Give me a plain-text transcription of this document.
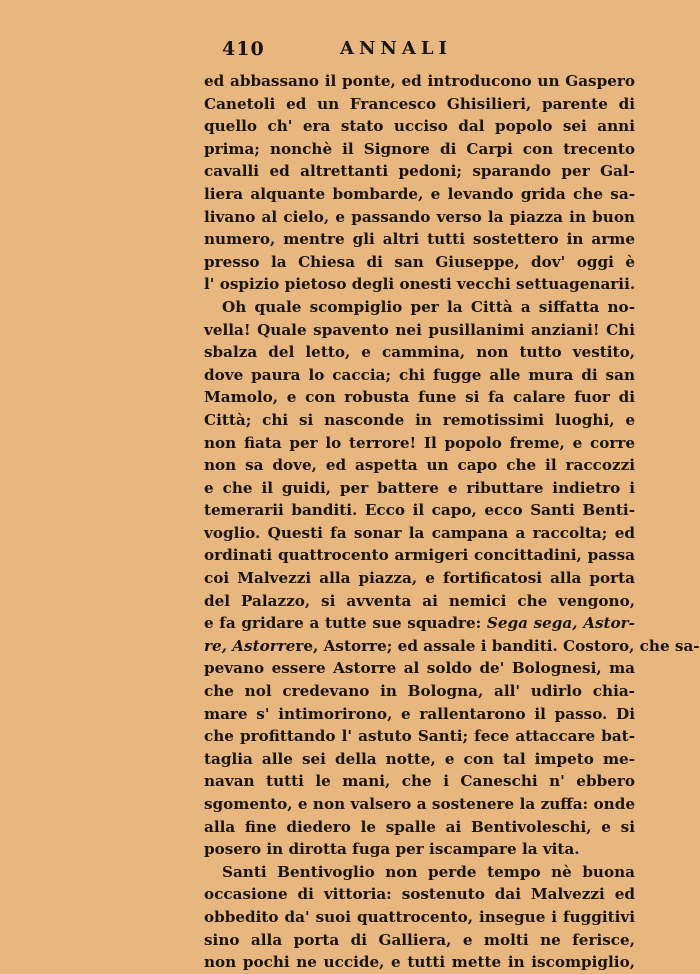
410	ANNALI
ed abbassano il ponte, ed introducono un Gaspero
Canetoli ed un Francesco Ghisilieri, parente di
quello ch' era stato ucciso dal popolo sei anni
prima; nonchè il Signore di Carpi con trecento
cavalli ed altrettanti pedoni; sparando per Gal-
liera alquante bombarde, e levando grida che sa-
livano al cielo, e passando verso la piazza in buon
numero, mentre gli altri tutti sostettero in arme
presso la Chiesa di san Giuseppe, dov' oggi è
l' ospizio pietoso degli onesti vecchi settuagenarii.
Oh quale scompiglio per la Città a siffatta no-
vella! Quale spavento nei pusillanimi anziani! Chi
sbalza del letto, e cammina, non tutto vestito,
dove paura lo caccia; chi fugge alle mura di san
Mamolo, e con robusta fune si fa calare fuor di
Città; chi si nasconde in remotissimi luoghi, e
non fiata per lo terrore! Il popolo freme, e corre
non sa dove, ed aspetta un capo che il raccozzi
e che il guidi, per battere e ributtare indietro i
temerarii banditi. Ecco il capo, ecco Santi Benti-
voglio. Questi fa sonar la campana a raccolta; ed
ordinati quattrocento armigeri concittadini, passa
coi Malvezzi alla piazza, e fortificatosi alla porta
del Palazzo, si avventa ai nemici che vengono,
e fa gridare a tutte sue squadre: Sega sega, Astor-
re, Astorrere, Astorre; ed assale i banditi. Costoro, che sa-
pevano essere Astorre al soldo de' Bolognesi, ma
che nol credevano in Bologna, all' udirlo chia-
mare s' intimorirono, e rallentarono il passo. Di
che profittando l' astuto Santi; fece attaccare bat-
taglia alle sei della notte, e con tal impeto me-
navan tutti le mani, che i Caneschi n' ebbero
sgomento, e non valsero a sostenere la zuffa: onde
alla fine diedero le spalle ai Bentivoleschi, e si
posero in dirotta fuga per iscampare la vita.
Santi Bentivoglio non perde tempo nè buona
occasione di vittoria: sostenuto dai Malvezzi ed
obbedito da' suoi quattrocento, insegue i fuggitivi
sino alla porta di Galliera, e molti ne ferisce,
non pochi ne uccide, e tutti mette in iscompiglio,
